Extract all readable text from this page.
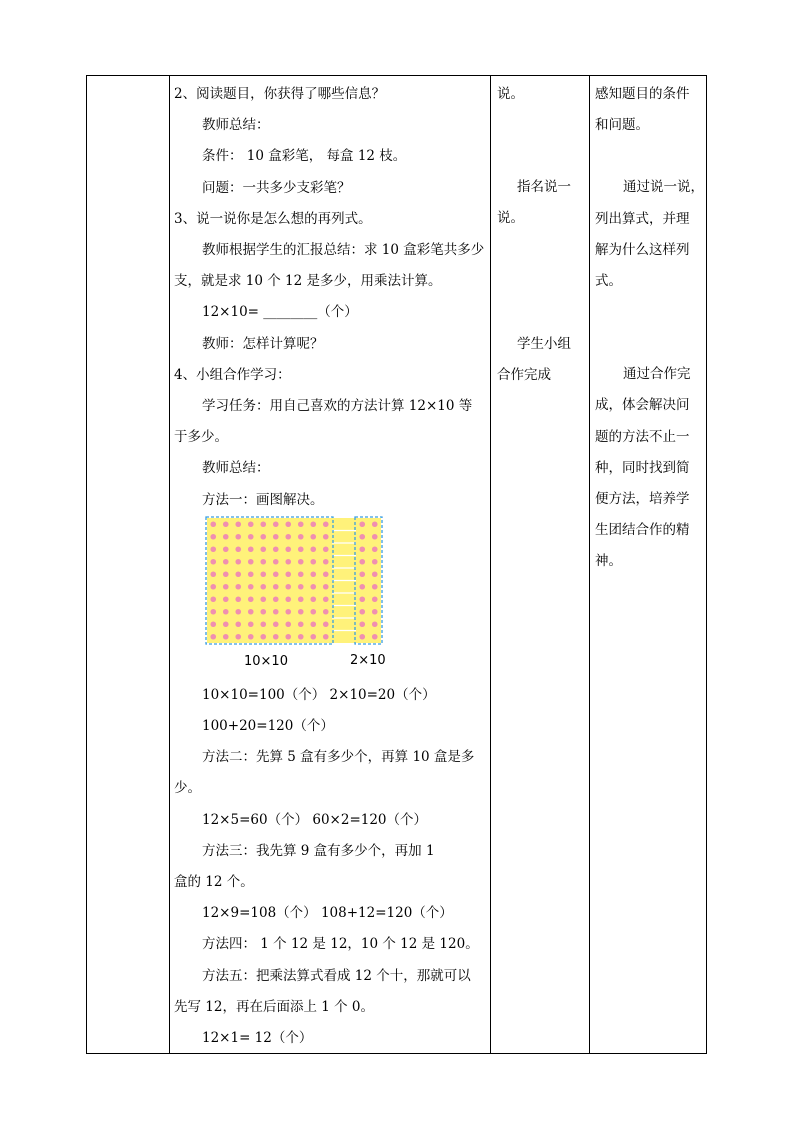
2、阅读题目，你获得了哪些信息？

教师总结：

条件： 10 盒彩笔， 每盒 12 枝。

问题：一共多少支彩笔？

3、说一说你是怎么想的再列式。

教师根据学生的汇报总结：求 10 盒彩笔共多少

支，就是求 10 个 12 是多少，用乘法计算。

12×10= ________（个）

教师：怎样计算呢？

4、小组合作学习：

学习任务：用自己喜欢的方法计算 12×10 等

于多少。

教师总结：

方法一：画图解决。

10×10=100（个） 2×10=20（个）

100+20=120（个）

方法二：先算 5 盒有多少个，再算 10 盒是多

少。

12×5=60（个） 60×2=120（个）

方法三：我先算 9 盒有多少个，再加 1

盒的 12 个。

12×9=108（个） 108+12=120（个）

方法四： 1 个 12 是 12，10 个 12 是 120。

方法五：把乘法算式看成 12 个十，那就可以

先写 12，再在后面添上 1 个 0。

12×1= 12（个）

10×10	2×10

说。

指名说一

说。

学生小组

合作完成

感知题目的条件

和问题。

通过说一说，

列出算式，并理

解为什么这样列

式。

通过合作完

成，体会解决问

题的方法不止一

种，同时找到简

便方法，培养学

生团结合作的精

神。
